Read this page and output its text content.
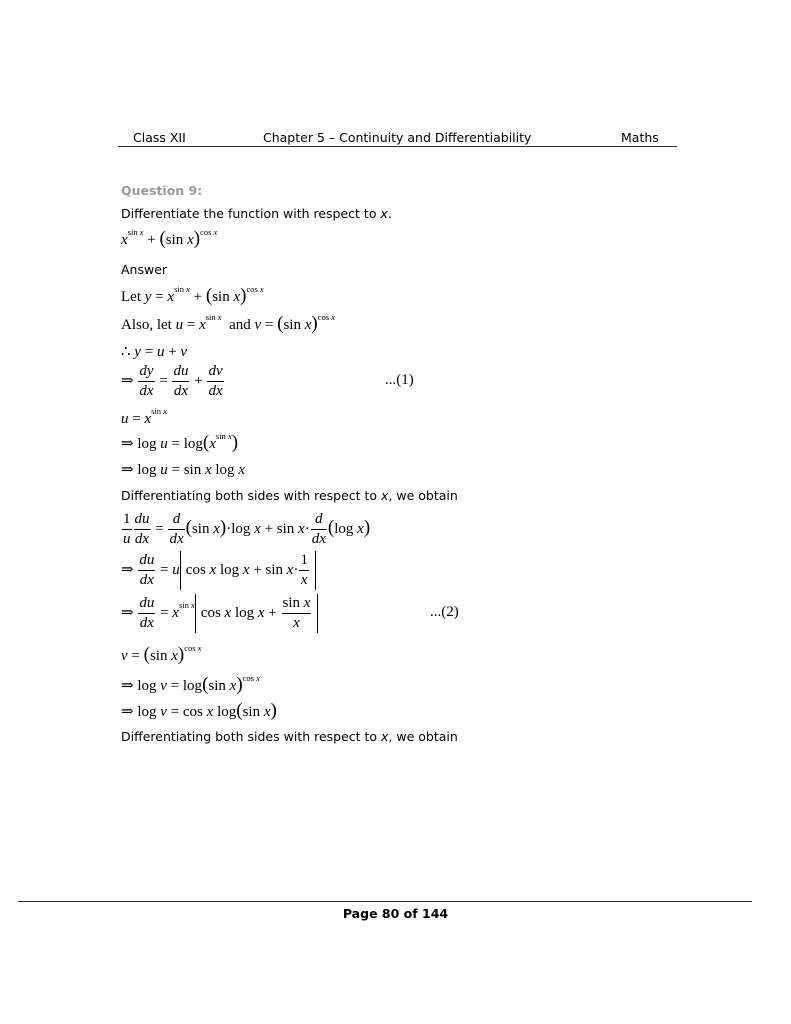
Class XII	Chapter 5 – Continuity and Differentiability	Maths
Question 9:
Differentiate the function with respect to x.
$x^{sin x} + (\sin$ x)$^{cos x}$
Answer
Let $y = x^{sin x} + (\sin$ x)$^{cos x}$
Also, let $u = x^{sin x}$  and v = (sin x)$^{cos x}$
∴ y = u + v
⇒ $\frac{dy}{dx} = \frac{du}{dx} + \frac{dv}{dx}$	...(1)
$u = x^{sin x}$
⇒ $\log u = \log(x^{sin x})$
⇒ log u = sin x log x
Differentiating both sides with respect to x, we obtain
$\frac{1}{u} \frac{du}{dx} = \frac{d}{dx} (\sin$ x)·log $x + \sin x\cdot \frac{d}{dx} (\log$ x)
⇒ $\frac{du}{dx} = u$ cos x $\log x + \sin x\cdot \frac{1}{x}$
⇒ $\frac{du}{dx} = x^{sin x}$ cos x $\log x + \frac{\text{sin x}}{x}$	...(2)
v = (sin x)$^{cos x}$
⇒ log v = log(sin x)$^{cos x}$
⇒ log v = cos x log(sin x)
Differentiating both sides with respect to x, we obtain
Page 80 of 144
